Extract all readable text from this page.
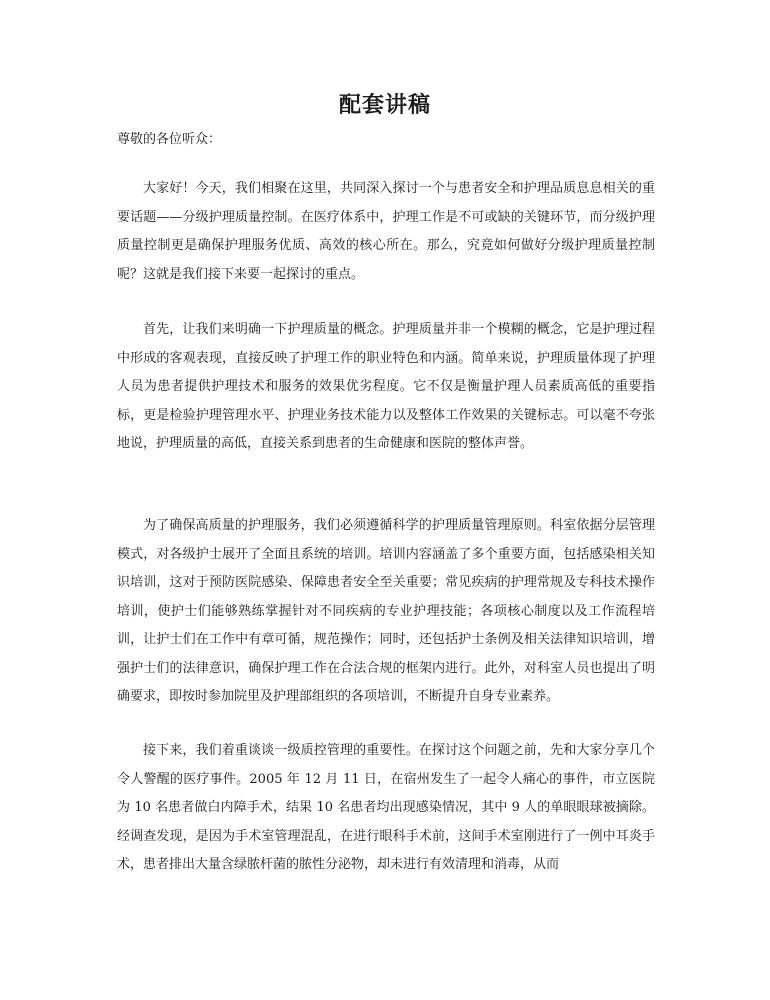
配套讲稿

尊敬的各位听众：

大家好！今天，我们相聚在这里，共同深入探讨一个与患者安全和护理品质息息相关的重要话题——分级护理质量控制。在医疗体系中，护理工作是不可或缺的关键环节，而分级护理质量控制更是确保护理服务优质、高效的核心所在。那么，究竟如何做好分级护理质量控制呢？这就是我们接下来要一起探讨的重点。

首先，让我们来明确一下护理质量的概念。护理质量并非一个模糊的概念，它是护理过程中形成的客观表现，直接反映了护理工作的职业特色和内涵。简单来说，护理质量体现了护理人员为患者提供护理技术和服务的效果优劣程度。它不仅是衡量护理人员素质高低的重要指标，更是检验护理管理水平、护理业务技术能力以及整体工作效果的关键标志。可以毫不夸张地说，护理质量的高低，直接关系到患者的生命健康和医院的整体声誉。

为了确保高质量的护理服务，我们必须遵循科学的护理质量管理原则。科室依据分层管理模式，对各级护士展开了全面且系统的培训。培训内容涵盖了多个重要方面，包括感染相关知识培训，这对于预防医院感染、保障患者安全至关重要；常见疾病的护理常规及专科技术操作培训，使护士们能够熟练掌握针对不同疾病的专业护理技能；各项核心制度以及工作流程培训，让护士们在工作中有章可循，规范操作；同时，还包括护士条例及相关法律知识培训，增强护士们的法律意识，确保护理工作在合法合规的框架内进行。此外，对科室人员也提出了明确要求，即按时参加院里及护理部组织的各项培训，不断提升自身专业素养。

接下来，我们着重谈谈一级质控管理的重要性。在探讨这个问题之前，先和大家分享几个令人警醒的医疗事件。2005 年 12 月 11 日，在宿州发生了一起令人痛心的事件，市立医院为 10 名患者做白内障手术，结果 10 名患者均出现感染情况，其中 9 人的单眼眼球被摘除。经调查发现，是因为手术室管理混乱，在进行眼科手术前，这间手术室刚进行了一例中耳炎手术，患者排出大量含绿脓杆菌的脓性分泌物，却未进行有效清理和消毒，从而
